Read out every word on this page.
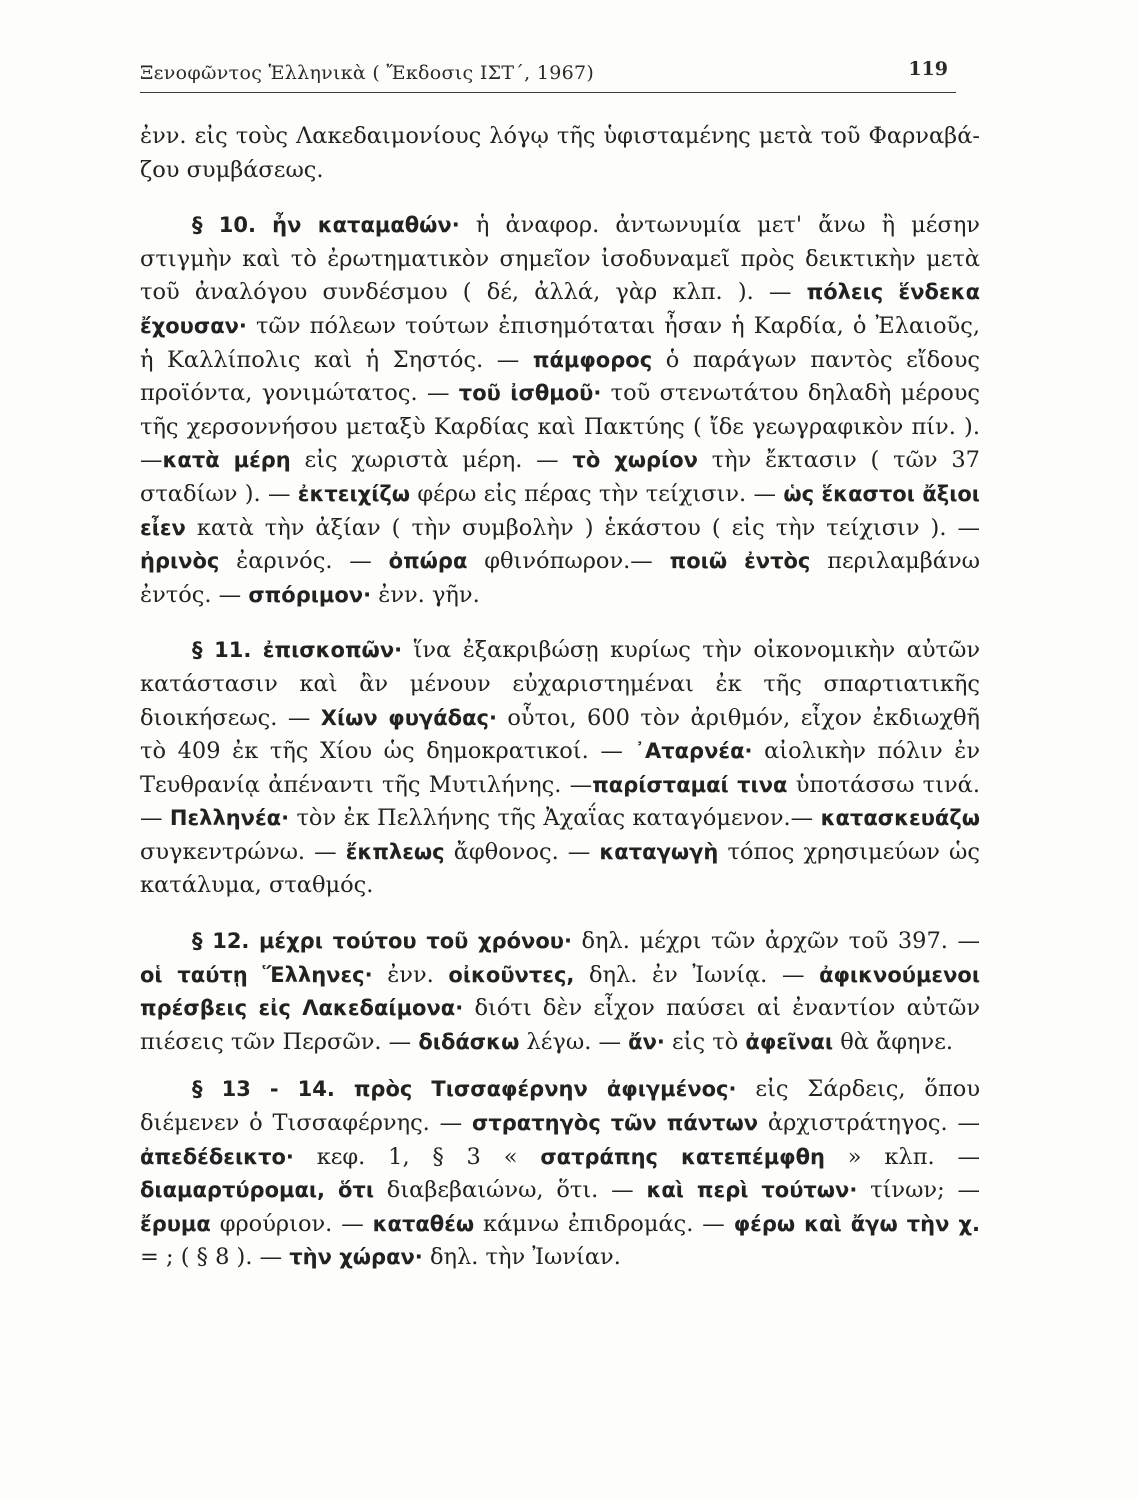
Ξενοφῶντος Ἑλληνικὰ ( Ἔκδοσις ΙΣΤ΄, 1967)	119

ἐνν. εἰς τοὺς Λακεδαιμονίους λόγῳ τῆς ὑφισταμένης μετὰ τοῦ Φαρναβά-ζου συμβάσεως.

§ 10. ἦν καταμαθών· ἡ ἀναφορ. ἀντωνυμία μετ' ἄνω ἢ μέσην στιγμὴν καὶ τὸ ἐρωτηματικὸν σημεῖον ἰσοδυναμεῖ πρὸς δεικτικὴν μετὰ τοῦ ἀναλόγου συνδέσμου ( δέ, ἀλλά, γὰρ κλπ. ). — πόλεις ἕνδεκα ἔχουσαν· τῶν πόλεων τούτων ἐπισημόταται ἦσαν ἡ Καρδία, ὁ Ἐλαιοῦς, ἡ Καλλίπολις καὶ ἡ Σηστός. — πάμφορος ὁ παράγων παντὸς εἴδους προϊόντα, γονιμώτατος. — τοῦ ἰσθμοῦ· τοῦ στενωτάτου δηλαδὴ μέρους τῆς χερσοννήσου μεταξὺ Καρδίας καὶ Πακτύης ( ἴδε γεωγραφικὸν πίν. ).—κατὰ μέρη εἰς χωριστὰ μέρη. — τὸ χωρίον τὴν ἔκτασιν ( τῶν 37 σταδίων ). — ἐκτειχίζω φέρω εἰς πέρας τὴν τείχισιν. — ὡς ἕκαστοι ἄξιοι εἶεν κατὰ τὴν ἀξίαν ( τὴν συμβολὴν ) ἑκάστου ( εἰς τὴν τείχισιν ). — ἠρινὸς ἐαρινός. — ὀπώρα φθινόπωρον.— ποιῶ ἐντὸς περιλαμβάνω ἐντός. — σπόριμον· ἐνν. γῆν.

§ 11. ἐπισκοπῶν· ἵνα ἐξακριβώσῃ κυρίως τὴν οἰκονομικὴν αὐτῶν κατάστασιν καὶ ἂν μένουν εὐχαριστημέναι ἐκ τῆς σπαρτιατικῆς διοικήσεως. — Χίων φυγάδας· οὗτοι, 600 τὸν ἀριθμόν, εἶχον ἐκδιωχθῆ τὸ 409 ἐκ τῆς Χίου ὡς δημοκρατικοί. — ᾿Αταρνέα· αἰολικὴν πόλιν ἐν Τευθρανίᾳ ἀπέναντι τῆς Μυτιλήνης. —παρίσταμαί τινα ὑποτάσσω τινά. — Πελληνέα· τὸν ἐκ Πελλήνης τῆς Ἀχαΐας καταγόμενον.— κατασκευάζω συγκεντρώνω. — ἔκπλεως ἄφθονος. — καταγωγὴ τόπος χρησιμεύων ὡς κατάλυμα, σταθμός.

§ 12. μέχρι τούτου τοῦ χρόνου· δηλ. μέχρι τῶν ἀρχῶν τοῦ 397. — οἱ ταύτῃ Ἕλληνες· ἐνν. οἰκοῦντες, δηλ. ἐν Ἰωνίᾳ. — ἀφικνούμενοι πρέσβεις εἰς Λακεδαίμονα· διότι δὲν εἶχον παύσει αἱ ἐναντίον αὐτῶν πιέσεις τῶν Περσῶν. — διδάσκω λέγω. — ἄν· εἰς τὸ ἀφεῖναι θὰ ἄφηνε.

§ 13 - 14. πρὸς Τισσαφέρνην ἀφιγμένος· εἰς Σάρδεις, ὅπου διέμενεν ὁ Τισσαφέρνης. — στρατηγὸς τῶν πάντων ἀρχιστράτηγος. — ἀπεδέδεικτο· κεφ. 1, § 3 « σατράπης κατεπέμφθη » κλπ. — διαμαρτύρομαι, ὅτι διαβεβαιώνω, ὅτι. — καὶ περὶ τούτων· τίνων; — ἔρυμα φρούριον. — καταθέω κάμνω ἐπιδρομάς. — φέρω καὶ ἄγω τὴν χ. = ; ( § 8 ). — τὴν χώραν· δηλ. τὴν Ἰωνίαν.
